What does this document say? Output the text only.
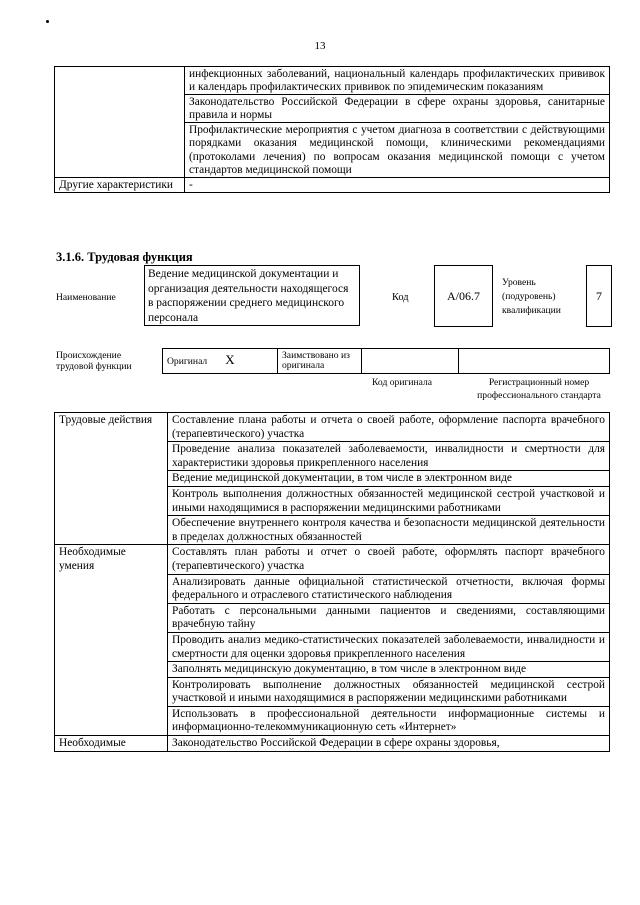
13
	инфекционных заболеваний, национальный календарь профилактических прививок и календарь профилактических прививок по эпидемическим показаниям
	Законодательство Российской Федерации в сфере охраны здоровья, санитарные правила и нормы
	Профилактические мероприятия с учетом диагноза в соответствии с действующими порядками оказания медицинской помощи, клиническими рекомендациями (протоколами лечения) по вопросам оказания медицинской помощи с учетом стандартов медицинской помощи
Другие характеристики	-
3.1.6. Трудовая функция
Наименование
Ведение медицинской документации и организация деятельности находящегося в распоряжении среднего медицинского персонала
Код	A/06.7
Уровень (подуровень) квалификации
7
Происхождение трудовой функции	Оригинал X	Заимствовано из оригинала		
Код оригинала	Регистрационный номер профессионального стандарта
Трудовые действия	Составление плана работы и отчета о своей работе, оформление паспорта врачебного (терапевтического) участка
	Проведение анализа показателей заболеваемости, инвалидности и смертности для характеристики здоровья прикрепленного населения
	Ведение медицинской документации, в том числе в электронном виде
	Контроль выполнения должностных обязанностей медицинской сестрой участковой и иными находящимися в распоряжении медицинскими работниками
	Обеспечение внутреннего контроля качества и безопасности медицинской деятельности в пределах должностных обязанностей
Необходимые умения	Составлять план работы и отчет о своей работе, оформлять паспорт врачебного (терапевтического) участка
	Анализировать данные официальной статистической отчетности, включая формы федерального и отраслевого статистического наблюдения
	Работать с персональными данными пациентов и сведениями, составляющими врачебную тайну
	Проводить анализ медико-статистических показателей заболеваемости, инвалидности и смертности для оценки здоровья прикрепленного населения
	Заполнять медицинскую документацию, в том числе в электронном виде
	Контролировать выполнение должностных обязанностей медицинской сестрой участковой и иными находящимися в распоряжении медицинскими работниками
	Использовать в профессиональной деятельности информационные системы и информационно-телекоммуникационную сеть «Интернет»
Необходимые	Законодательство Российской Федерации в сфере охраны здоровья,
